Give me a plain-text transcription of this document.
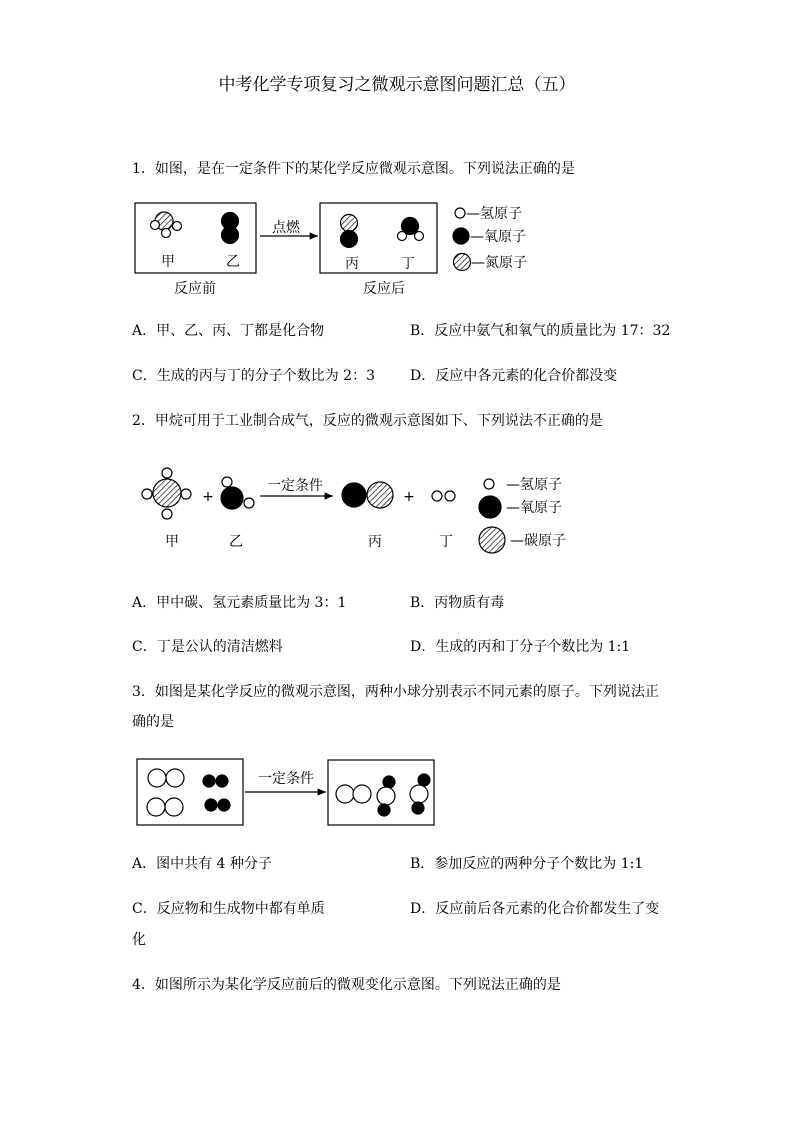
中考化学专项复习之微观示意图问题汇总（五）
1．如图，是在一定条件下的某化学反应微观示意图。下列说法正确的是
甲	乙	丙	丁
点燃
反应前	反应后
—氢原子
—氧原子
—氮原子
A．甲、乙、丙、丁都是化合物	B．反应中氨气和氧气的质量比为 17：32
C．生成的丙与丁的分子个数比为 2：3	D．反应中各元素的化合价都没变
2．甲烷可用于工业制合成气，反应的微观示意图如下、下列说法不正确的是
+	+
一定条件
甲	乙	丙	丁
—氢原子
—氧原子
—碳原子
A．甲中碳、氢元素质量比为 3：1	B．丙物质有毒
C．丁是公认的清洁燃料	D．生成的丙和丁分子个数比为 1:1
3．如图是某化学反应的微观示意图，两种小球分别表示不同元素的原子。下列说法正
确的是
一定条件
A．图中共有 4 种分子	B．参加反应的两种分子个数比为 1:1
C．反应物和生成物中都有单质	D．反应前后各元素的化合价都发生了变
化
4．如图所示为某化学反应前后的微观变化示意图。下列说法正确的是
